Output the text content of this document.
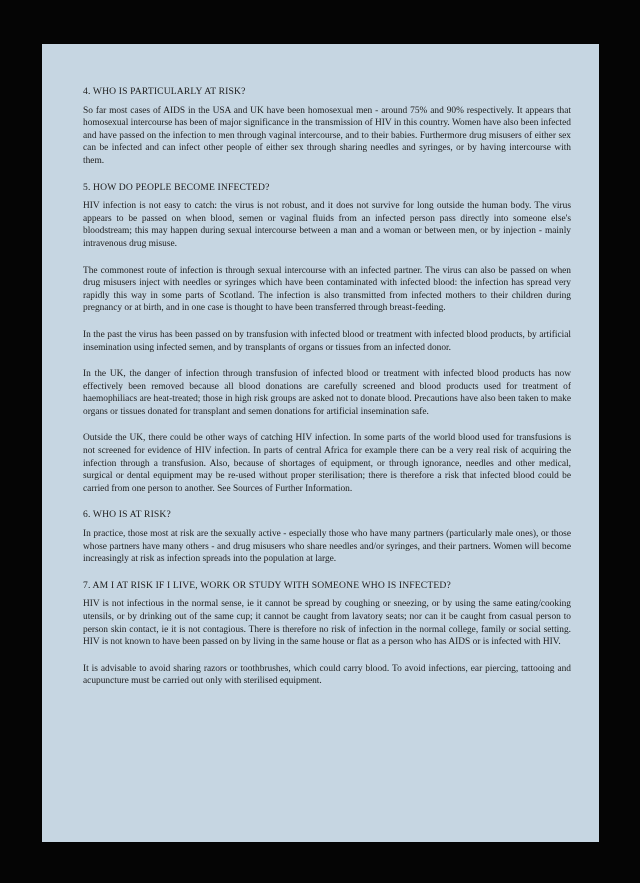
4. WHO IS PARTICULARLY AT RISK?

So far most cases of AIDS in the USA and UK have been homosexual men - around 75% and 90% respectively. It appears that homosexual intercourse has been of major significance in the transmission of HIV in this country. Women have also been infected and have passed on the infection to men through vaginal intercourse, and to their babies. Furthermore drug misusers of either sex can be infected and can infect other people of either sex through sharing needles and syringes, or by having intercourse with them.

5. HOW DO PEOPLE BECOME INFECTED?

HIV infection is not easy to catch: the virus is not robust, and it does not survive for long outside the human body. The virus appears to be passed on when blood, semen or vaginal fluids from an infected person pass directly into someone else's bloodstream; this may happen during sexual intercourse between a man and a woman or between men, or by injection - mainly intravenous drug misuse.

The commonest route of infection is through sexual intercourse with an infected partner. The virus can also be passed on when drug misusers inject with needles or syringes which have been contaminated with infected blood: the infection has spread very rapidly this way in some parts of Scotland. The infection is also transmitted from infected mothers to their children during pregnancy or at birth, and in one case is thought to have been transferred through breast-feeding.

In the past the virus has been passed on by transfusion with infected blood or treatment with infected blood products, by artificial insemination using infected semen, and by transplants of organs or tissues from an infected donor.

In the UK, the danger of infection through transfusion of infected blood or treatment with infected blood products has now effectively been removed because all blood donations are carefully screened and blood products used for treatment of haemophiliacs are heat-treated; those in high risk groups are asked not to donate blood. Precautions have also been taken to make organs or tissues donated for transplant and semen donations for artificial insemination safe.

Outside the UK, there could be other ways of catching HIV infection. In some parts of the world blood used for transfusions is not screened for evidence of HIV infection. In parts of central Africa for example there can be a very real risk of acquiring the infection through a transfusion. Also, because of shortages of equipment, or through ignorance, needles and other medical, surgical or dental equipment may be re-used without proper sterilisation; there is therefore a risk that infected blood could be carried from one person to another. See Sources of Further Information.

6. WHO IS AT RISK?

In practice, those most at risk are the sexually active - especially those who have many partners (particularly male ones), or those whose partners have many others - and drug misusers who share needles and/or syringes, and their partners. Women will become increasingly at risk as infection spreads into the population at large.

7. AM I AT RISK IF I LIVE, WORK OR STUDY WITH SOMEONE WHO IS INFECTED?

HIV is not infectious in the normal sense, ie it cannot be spread by coughing or sneezing, or by using the same eating/cooking utensils, or by drinking out of the same cup; it cannot be caught from lavatory seats; nor can it be caught from casual person to person skin contact, ie it is not contagious. There is therefore no risk of infection in the normal college, family or social setting. HIV is not known to have been passed on by living in the same house or flat as a person who has AIDS or is infected with HIV.

It is advisable to avoid sharing razors or toothbrushes, which could carry blood. To avoid infections, ear piercing, tattooing and acupuncture must be carried out only with sterilised equipment.
